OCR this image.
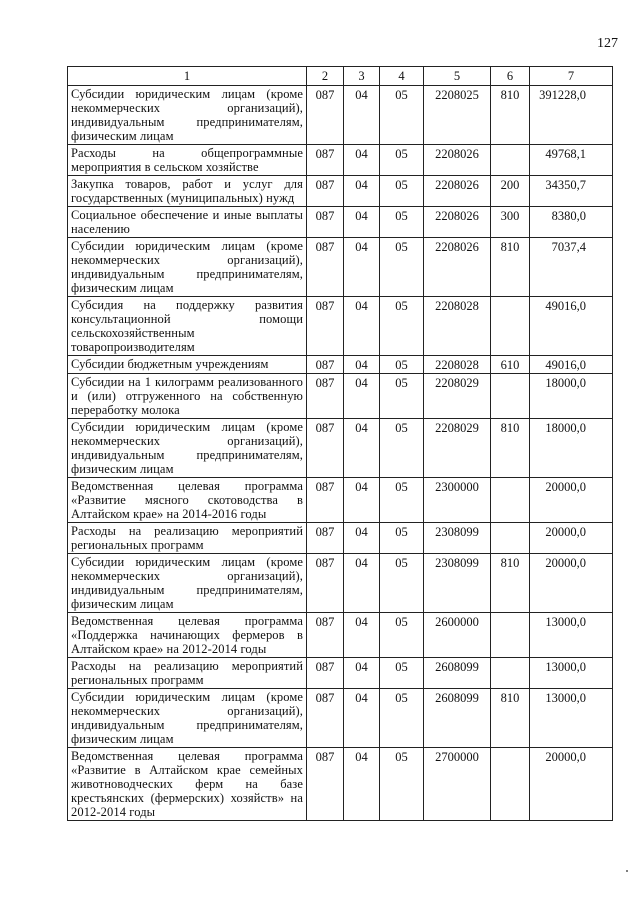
127
1	2	3	4	5	6	7
Субсидии юридическим лицам (кроме некоммерческих организаций), индивидуальным предпринимателям, физическим лицам	087	04	05	2208025	810	391228,0
Расходы на общепрограммные мероприятия в сельском хозяйстве	087	04	05	2208026		49768,1
Закупка товаров, работ и услуг для государственных (муниципальных) нужд	087	04	05	2208026	200	34350,7
Социальное обеспечение и иные выплаты населению	087	04	05	2208026	300	8380,0
Субсидии юридическим лицам (кроме некоммерческих организаций), индивидуальным предпринимателям, физическим лицам	087	04	05	2208026	810	7037,4
Субсидия на поддержку развития консультационной помощи сельскохозяйственным товаропроизводителям	087	04	05	2208028		49016,0
Субсидии бюджетным учреждениям	087	04	05	2208028	610	49016,0
Субсидии на 1 килограмм реализованного и (или) отгруженного на собственную переработку молока	087	04	05	2208029		18000,0
Субсидии юридическим лицам (кроме некоммерческих организаций), индивидуальным предпринимателям, физическим лицам	087	04	05	2208029	810	18000,0
Ведомственная целевая программа «Развитие мясного скотоводства в Алтайском крае» на 2014-2016 годы	087	04	05	2300000		20000,0
Расходы на реализацию мероприятий региональных программ	087	04	05	2308099		20000,0
Субсидии юридическим лицам (кроме некоммерческих организаций), индивидуальным предпринимателям, физическим лицам	087	04	05	2308099	810	20000,0
Ведомственная целевая программа «Поддержка начинающих фермеров в Алтайском крае» на 2012-2014 годы	087	04	05	2600000		13000,0
Расходы на реализацию мероприятий региональных программ	087	04	05	2608099		13000,0
Субсидии юридическим лицам (кроме некоммерческих организаций), индивидуальным предпринимателям, физическим лицам	087	04	05	2608099	810	13000,0
Ведомственная целевая программа «Развитие в Алтайском крае семейных животноводческих ферм на базе крестьянских (фермерских) хозяйств» на 2012-2014 годы	087	04	05	2700000		20000,0
